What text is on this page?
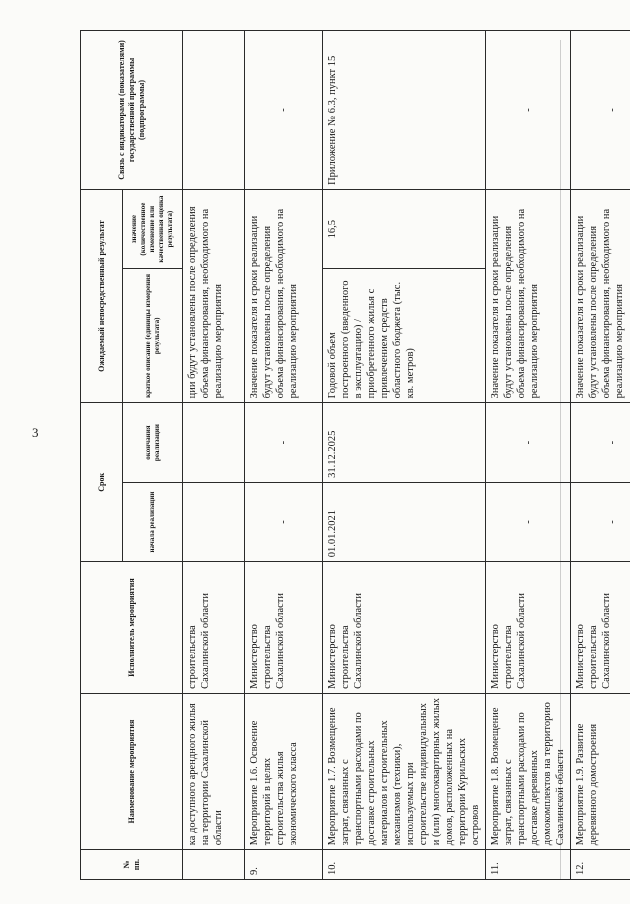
3
№ пп.	Наименование мероприятия	Исполнитель мероприятия	Срок		Ожидаемый непосредственный результат		Связь с индикаторами (показателями) государственной программы (подпрограммы)
			начала реализации	окончания реализации	краткое описание (единицы измерения результата)	значение (количественное изменение или качественная оценка результата)	
	ка доступного арендного жилья на территории Сахалинской области	строительства Сахалинской области			ции будут установлены после определения объема финансирования, необходимого на реализацию мероприятия		
9.	Мероприятие 1.6. Освоение территорий в целях строительства жилья экономического класса	Министерство строительства Сахалинской области	-	-	Значение показателя и сроки реализации будут установлены после определения объема финансирования, необходимого на реализацию мероприятия		-
10.	Мероприятие 1.7. Возмещение затрат, связанных с транспортными расходами по доставке строительных материалов и строительных механизмов (техники), используемых при строительстве индивидуальных и (или) многоквартирных жилых домов, расположенных на территории Курильских островов	Министерство строительства Сахалинской области	01.01.2021	31.12.2025	Годовой объем построенного (введенного в эксплуатацию) / приобретенного жилья с привлечением средств областного бюджета (тыс. кв. метров)	16,5	Приложение № 6.3, пункт 15
11.	Мероприятие 1.8. Возмещение затрат, связанных с транспортными расходами по доставке деревянных домокомплектов на территорию Сахалинской области	Министерство строительства Сахалинской области	-	-	Значение показателя и сроки реализации будут установлены после определения объема финансирования, необходимого на реализацию мероприятия		-
12.	Мероприятие 1.9. Развитие деревянного домостроения	Министерство строительства Сахалинской области	-	-	Значение показателя и сроки реализации будут установлены после определения объема финансирования, необходимого на реализацию мероприятия		-
